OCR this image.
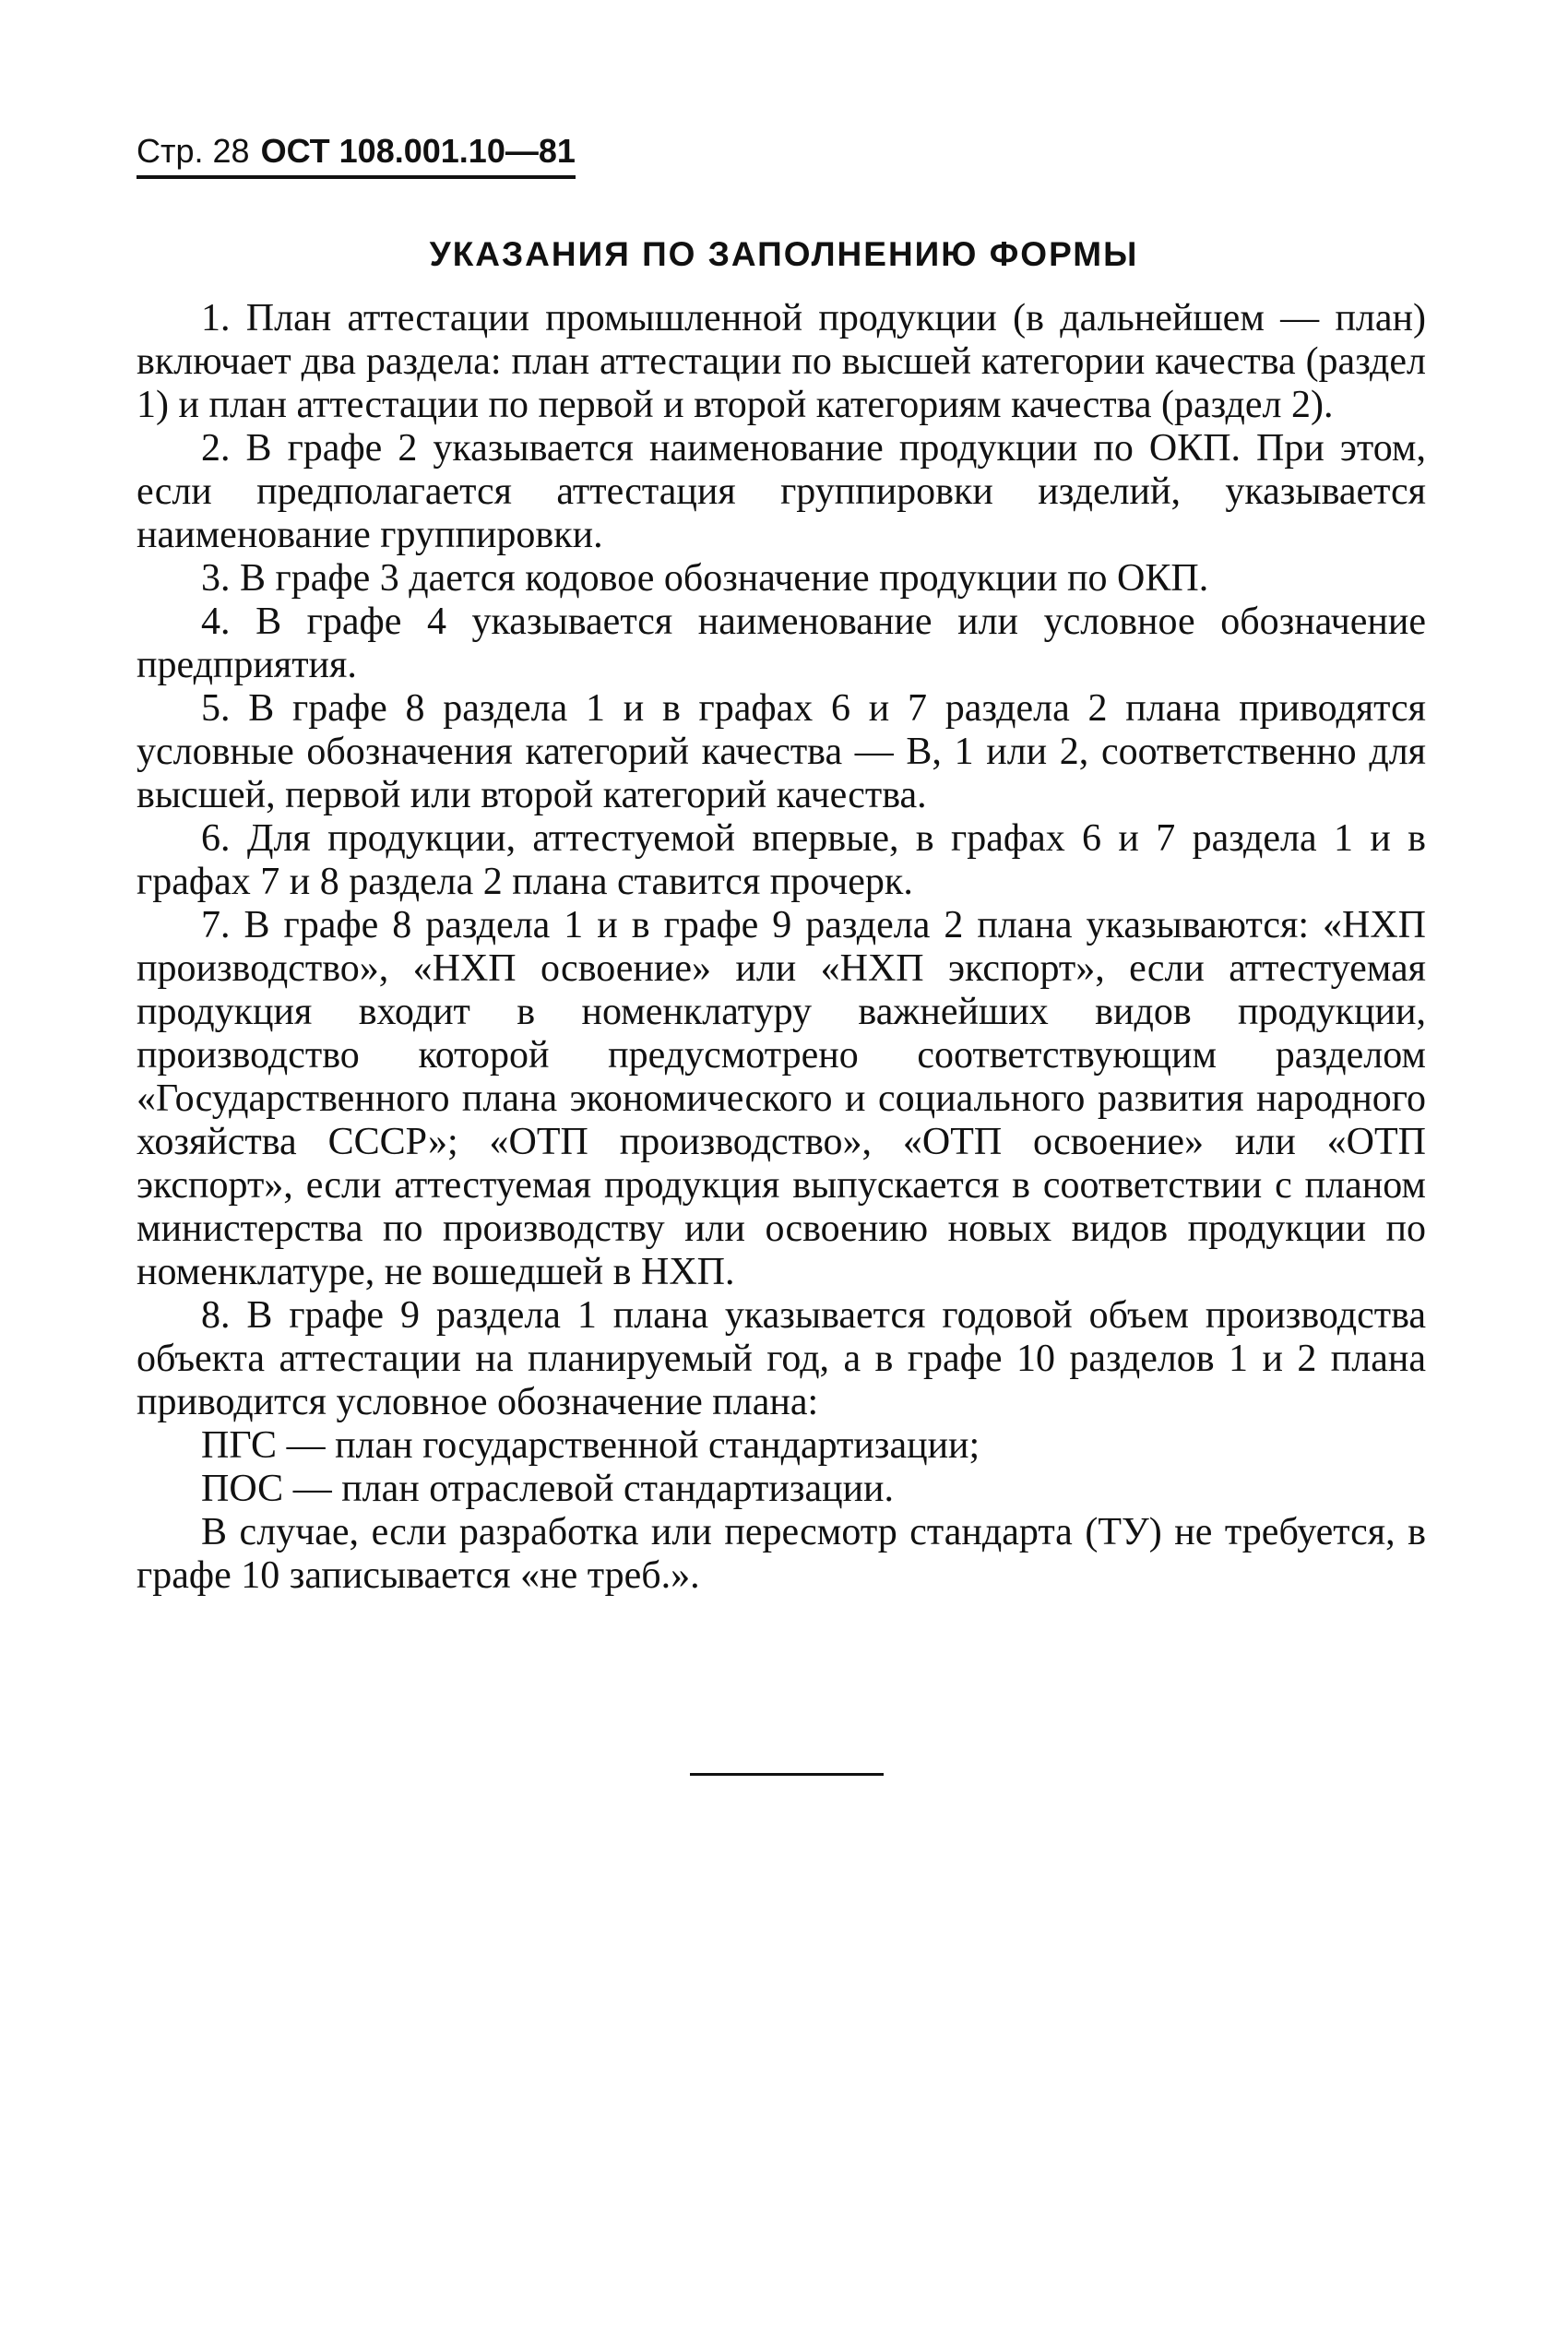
Стр. 28 ОСТ 108.001.10—81
УКАЗАНИЯ ПО ЗАПОЛНЕНИЮ ФОРМЫ

1. План аттестации промышленной продукции (в дальнейшем — план) включает два раздела: план аттестации по высшей категории качества (раздел 1) и план аттестации по первой и второй категориям качества (раздел 2).

2. В графе 2 указывается наименование продукции по ОКП. При этом, если предполагается аттестация группировки изделий, указывается наименование группировки.

3. В графе 3 дается кодовое обозначение продукции по ОКП.

4. В графе 4 указывается наименование или условное обозначение предприятия.

5. В графе 8 раздела 1 и в графах 6 и 7 раздела 2 плана приводятся условные обозначения категорий качества — В, 1 или 2, соответственно для высшей, первой или второй категорий качества.

6. Для продукции, аттестуемой впервые, в графах 6 и 7 раздела 1 и в графах 7 и 8 раздела 2 плана ставится прочерк.

7. В графе 8 раздела 1 и в графе 9 раздела 2 плана указываются: «НХП производство», «НХП освоение» или «НХП экспорт», если аттестуемая продукция входит в номенклатуру важнейших видов продукции, производство которой предусмотрено соответствующим разделом «Государственного плана экономического и социального развития народного хозяйства СССР»; «ОТП производство», «ОТП освоение» или «ОТП экспорт», если аттестуемая продукция выпускается в соответствии с планом министерства по производству или освоению новых видов продукции по номенклатуре, не вошедшей в НХП.

8. В графе 9 раздела 1 плана указывается годовой объем производства объекта аттестации на планируемый год, а в графе 10 разделов 1 и 2 плана приводится условное обозначение плана:

ПГС — план государственной стандартизации;

ПОС — план отраслевой стандартизации.

В случае, если разработка или пересмотр стандарта (ТУ) не требуется, в графе 10 записывается «не треб.».
